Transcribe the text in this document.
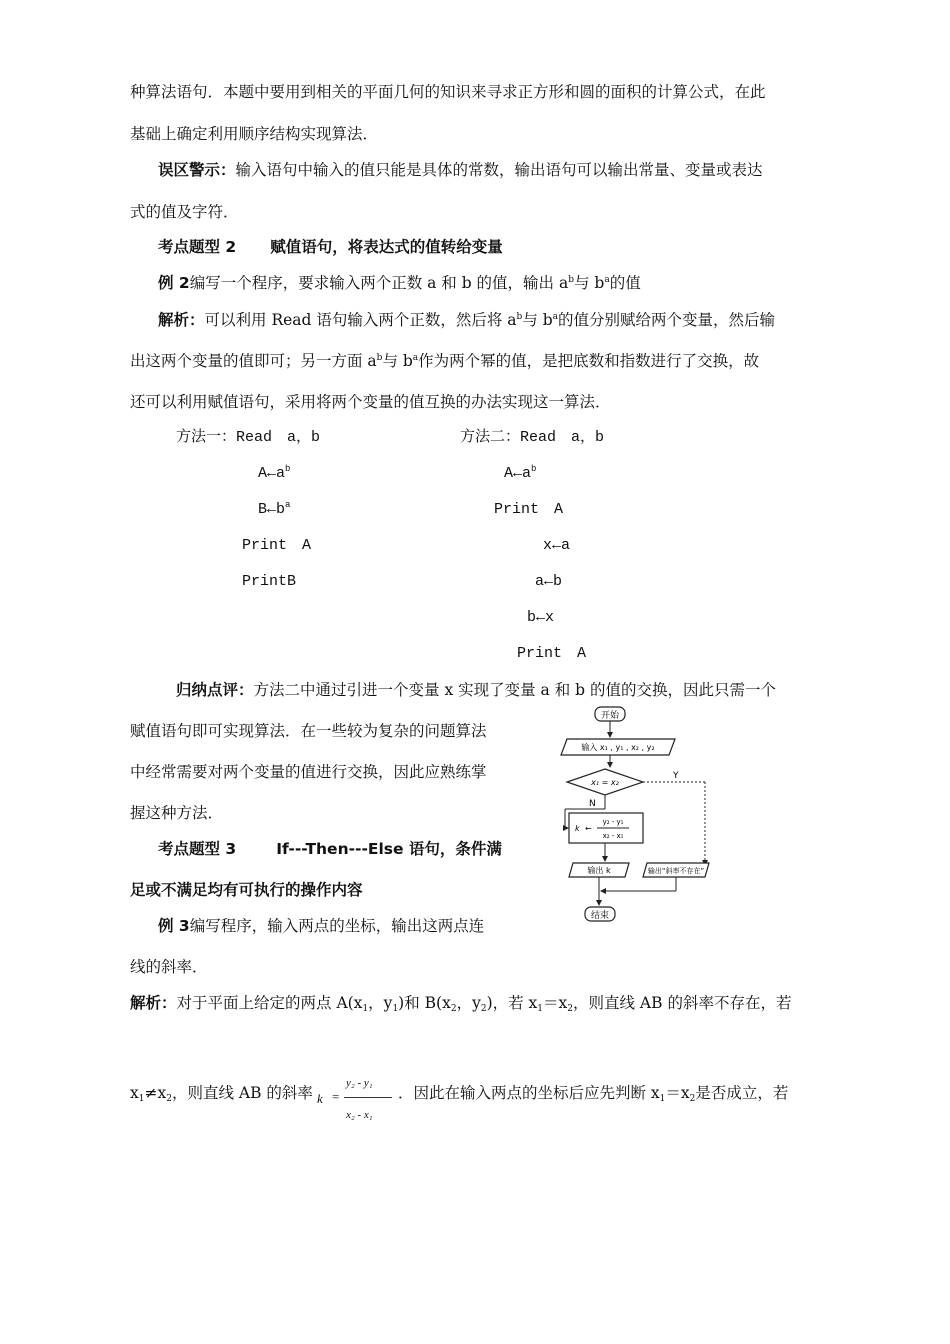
种算法语句．本题中要用到相关的平面几何的知识来寻求正方形和圆的面积的计算公式，在此
基础上确定利用顺序结构实现算法．
误区警示：输入语句中输入的值只能是具体的常数，输出语句可以输出常量、变量或表达
式的值及字符．
考点题型 2 赋值语句，将表达式的值转给变量
例 2编写一个程序，要求输入两个正数 a 和 b 的值，输出 $a^b$与 $b^a$的值
解析：可以利用 Read 语句输入两个正数，然后将 $a^b$与 $b^a$的值分别赋给两个变量，然后输
出这两个变量的值即可；另一方面 $a^b$与 $b^a$作为两个幂的值，是把底数和指数进行了交换，故
还可以利用赋值语句，采用将两个变量的值互换的办法实现这一算法．
方法一：Read　a，b
$A\leftarrow a^b$
$B\leftarrow b^a$
Print　A
PrintB
方法二：Read　a，b
$A\leftarrow a^b$
Print　A
x←a
a←b
b←x
Print　A
归纳点评：方法二中通过引进一个变量 x 实现了变量 a 和 b 的值的交换，因此只需一个
赋值语句即可实现算法．在一些较为复杂的问题算法
中经常需要对两个变量的值进行交换，因此应熟练掌
握这种方法．
考点题型 3	If---Then---Else 语句，条件满
足或不满足均有可执行的操作内容
例 3编写程序，输入两点的坐标，输出这两点连
线的斜率．
解析：对于平面上给定的两点 $A(x_1$，$y_1$)和 $B(x_2$，$y_2$)，若 $x_1=x_2$，则直线 AB 的斜率不存在，若
$x_1\ne x_2$，则直线 AB 的斜率 k =
y₂ - y₁
x₂ - x₁
．因此在输入两点的坐标后应先判断 $x_1=x_2$是否成立，若
开始
输入 x₁ , y₁ , x₂ , y₂
x₁ = x₂
Y
N
k ←
y₂ - y₁
x₂ - x₁
输出 k	输出“斜率不存在”
结束
